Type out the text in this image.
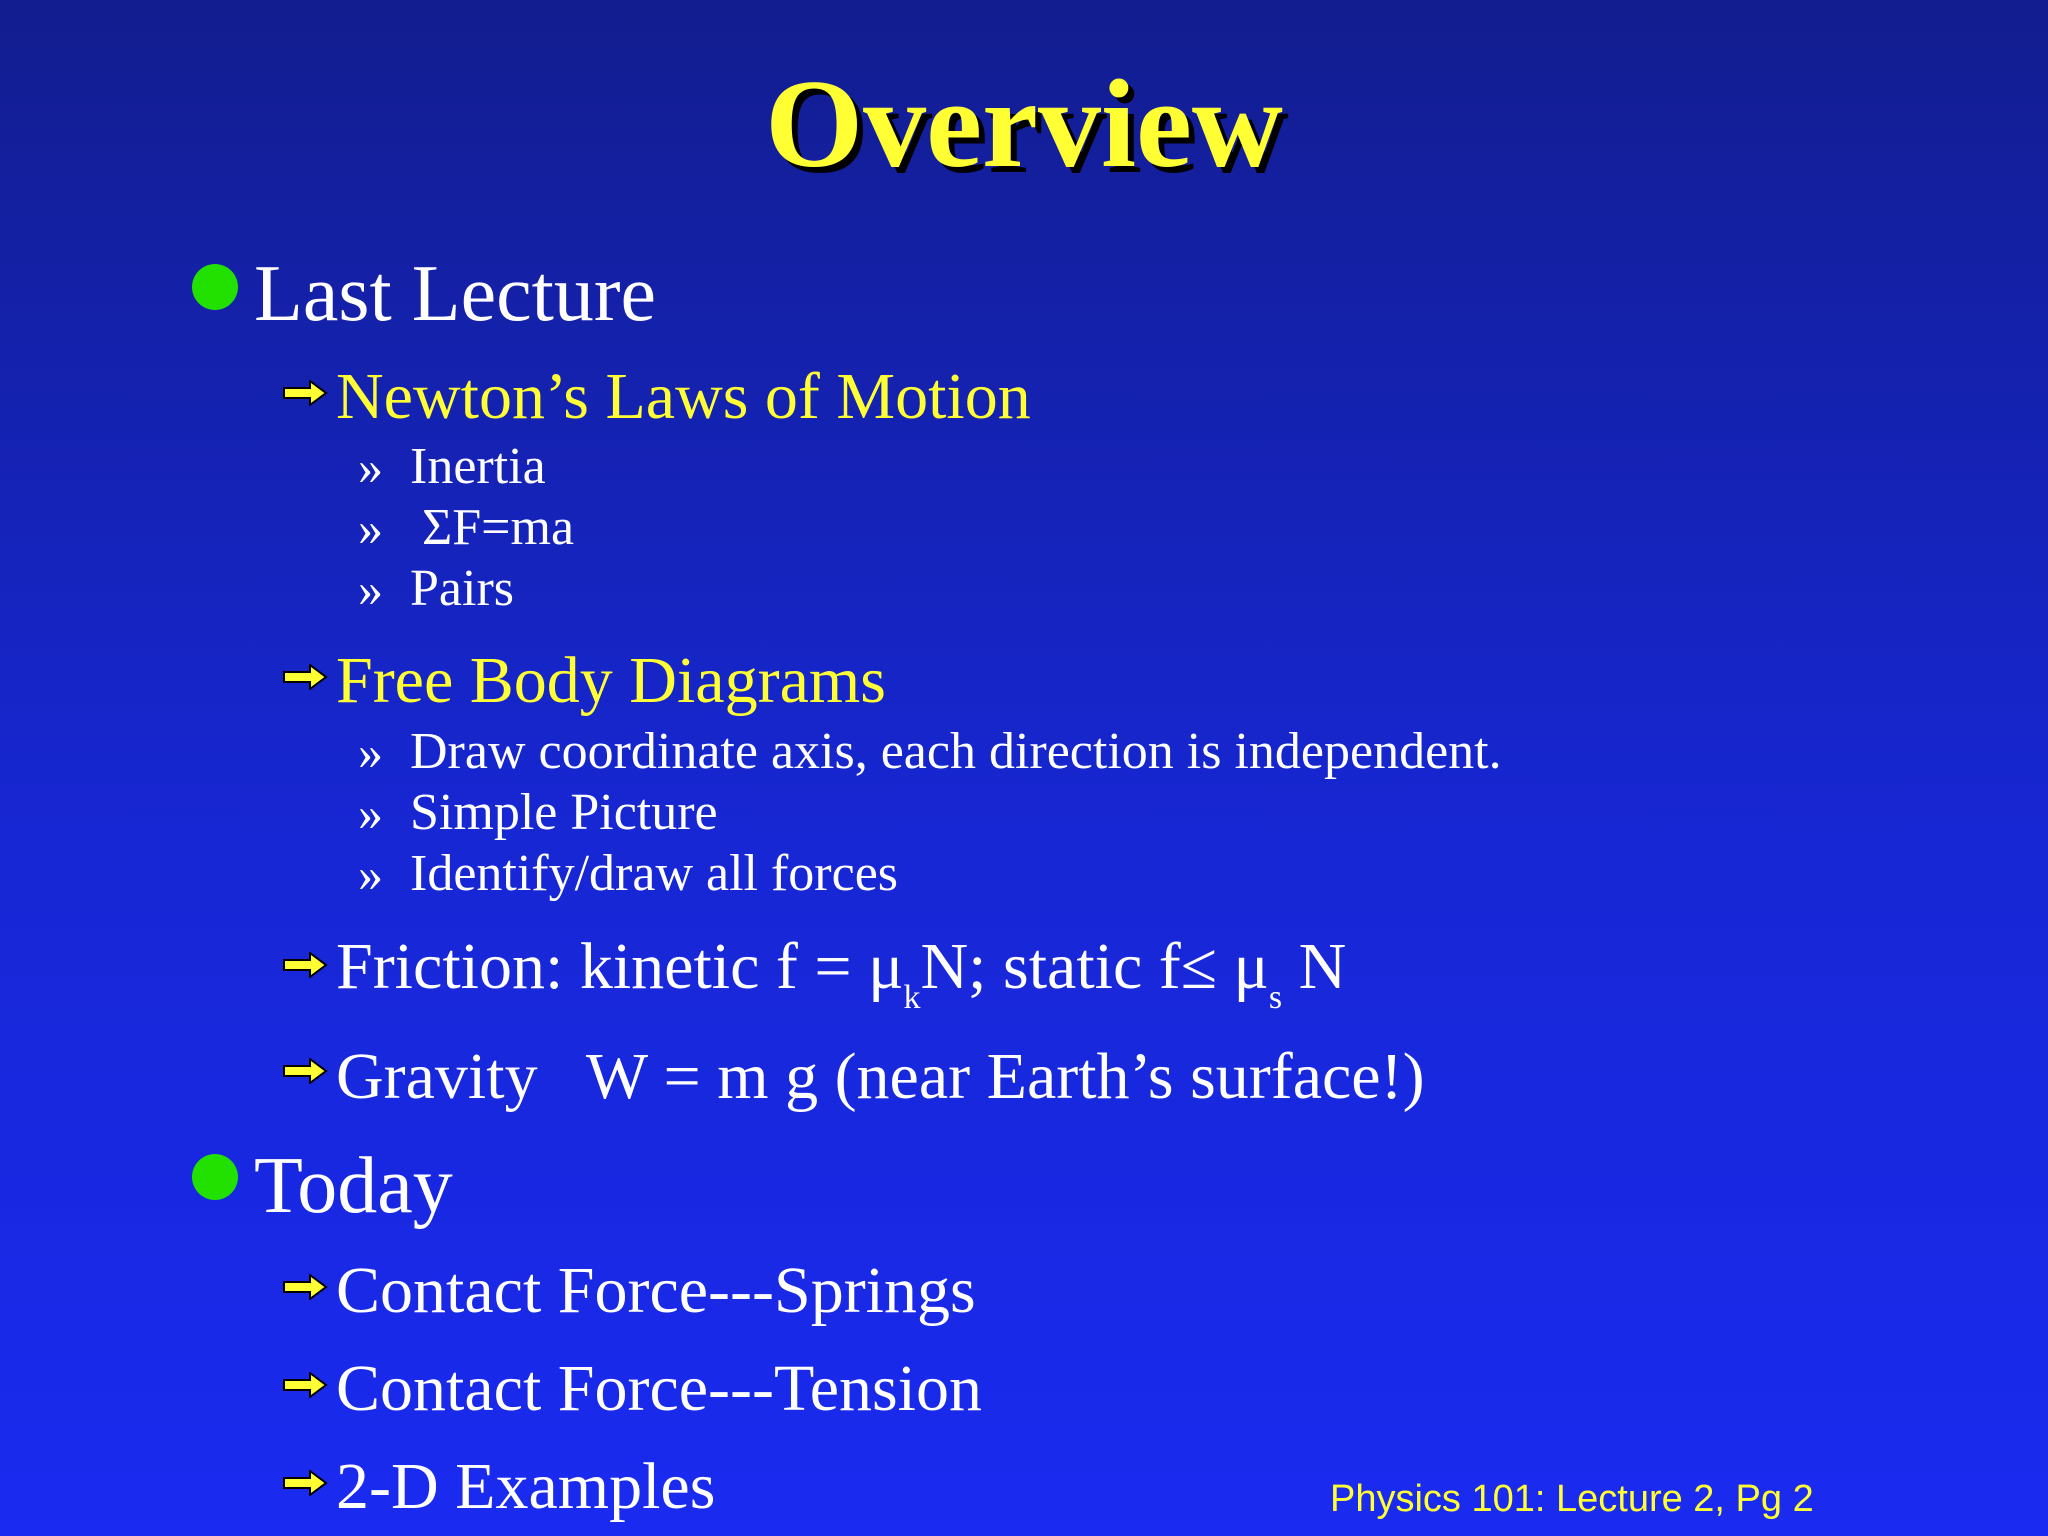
Overview
Last Lecture
Newton’s Laws of Motion
» Inertia
» ΣF=ma
» Pairs
Free Body Diagrams
» Draw coordinate axis, each direction is independent.
» Simple Picture
» Identify/draw all forces
Friction: kinetic $f = \mu_kN$; static $f\le \mu_s$ N
Gravity   W = m g (near Earth’s surface!)
Today
Contact Force---Springs
Contact Force---Tension
2-D Examples	Physics 101: Lecture 2, Pg 2
